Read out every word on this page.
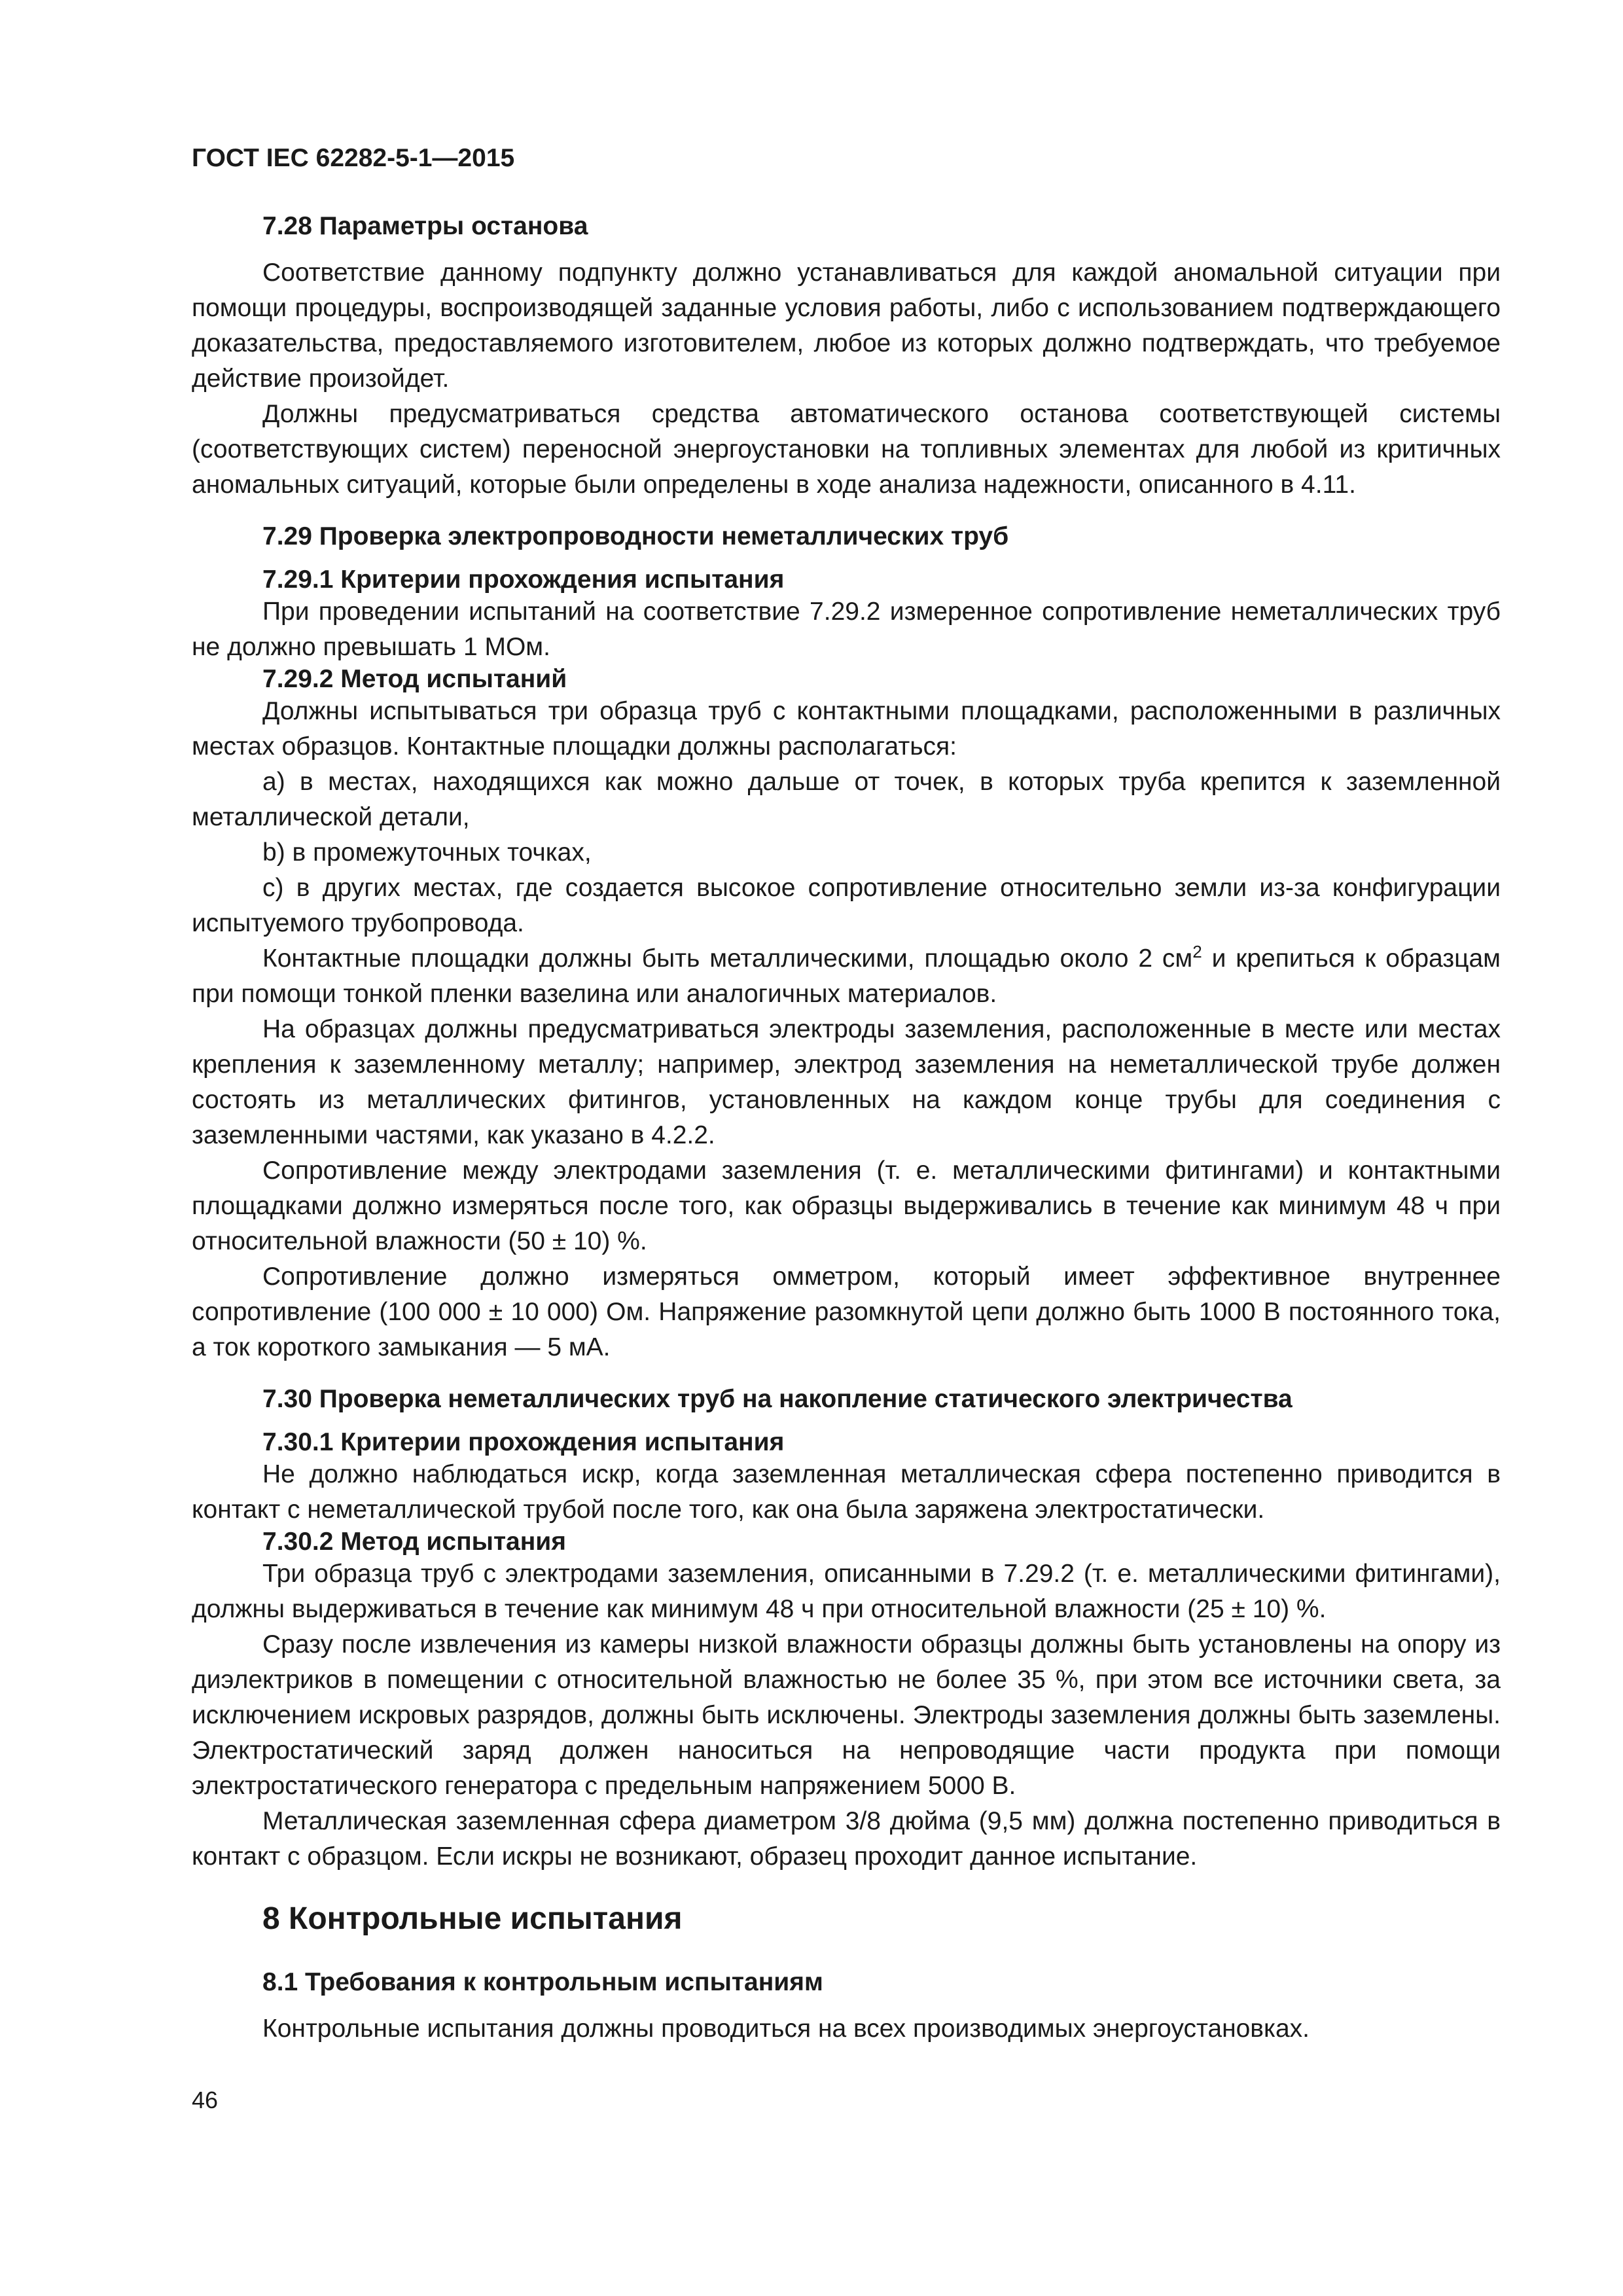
ГОСТ IEC 62282-5-1—2015
7.28 Параметры останова

Соответствие данному подпункту должно устанавливаться для каждой аномальной ситуации при помощи процедуры, воспроизводящей заданные условия работы, либо с использованием подтверждающего доказательства, предоставляемого изготовителем, любое из которых должно подтверждать, что требуемое действие произойдет.

Должны предусматриваться средства автоматического останова соответствующей системы (соответствующих систем) переносной энергоустановки на топливных элементах для любой из критичных аномальных ситуаций, которые были определены в ходе анализа надежности, описанного в 4.11.

7.29 Проверка электропроводности неметаллических труб
7.29.1 Критерии прохождения испытания

При проведении испытаний на соответствие 7.29.2 измеренное сопротивление неметаллических труб не должно превышать 1 МОм.

7.29.2 Метод испытаний

Должны испытываться три образца труб с контактными площадками, расположенными в различных местах образцов. Контактные площадки должны располагаться:

a) в местах, находящихся как можно дальше от точек, в которых труба крепится к заземленной металлической детали,

b) в промежуточных точках,

c) в других местах, где создается высокое сопротивление относительно земли из-за конфигурации испытуемого трубопровода.

Контактные площадки должны быть металлическими, площадью около 2 $см^2$ и крепиться к образцам при помощи тонкой пленки вазелина или аналогичных материалов.

На образцах должны предусматриваться электроды заземления, расположенные в месте или местах крепления к заземленному металлу; например, электрод заземления на неметаллической трубе должен состоять из металлических фитингов, установленных на каждом конце трубы для соединения с заземленными частями, как указано в 4.2.2.

Сопротивление между электродами заземления (т. е. металлическими фитингами) и контактными площадками должно измеряться после того, как образцы выдерживались в течение как минимум 48 ч при относительной влажности (50 ± 10) %.

Сопротивление должно измеряться омметром, который имеет эффективное внутреннее сопротивление (100 000 ± 10 000) Ом. Напряжение разомкнутой цепи должно быть 1000 В постоянного тока, а ток короткого замыкания — 5 мА.

7.30 Проверка неметаллических труб на накопление статического электричества
7.30.1 Критерии прохождения испытания

Не должно наблюдаться искр, когда заземленная металлическая сфера постепенно приводится в контакт с неметаллической трубой после того, как она была заряжена электростатически.

7.30.2 Метод испытания

Три образца труб с электродами заземления, описанными в 7.29.2 (т. е. металлическими фитингами), должны выдерживаться в течение как минимум 48 ч при относительной влажности (25 ± 10) %.

Сразу после извлечения из камеры низкой влажности образцы должны быть установлены на опору из диэлектриков в помещении с относительной влажностью не более 35 %, при этом все источники света, за исключением искровых разрядов, должны быть исключены. Электроды заземления должны быть заземлены. Электростатический заряд должен наноситься на непроводящие части продукта при помощи электростатического генератора с предельным напряжением 5000 В.

Металлическая заземленная сфера диаметром 3/8 дюйма (9,5 мм) должна постепенно приводиться в контакт с образцом. Если искры не возникают, образец проходит данное испытание.

8 Контрольные испытания
8.1 Требования к контрольным испытаниям

Контрольные испытания должны проводиться на всех производимых энергоустановках.

46
